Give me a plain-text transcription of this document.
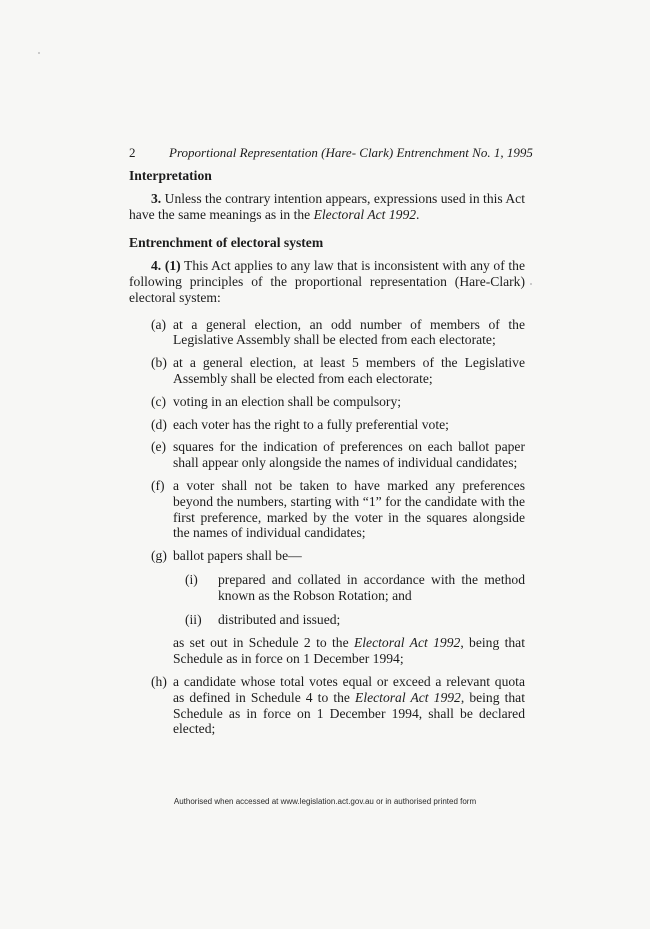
2	Proportional Representation (Hare- Clark) Entrenchment No. 1, 1995
Interpretation

3. Unless the contrary intention appears, expressions used in this Act have the same meanings as in the Electoral Act 1992.

Entrenchment of electoral system

4. (1) This Act applies to any law that is inconsistent with any of the following principles of the proportional representation (Hare-Clark) electoral system:

(a) at a general election, an odd number of members of the Legislative Assembly shall be elected from each electorate;
(b) at a general election, at least 5 members of the Legislative Assembly shall be elected from each electorate;
(c) voting in an election shall be compulsory;
(d) each voter has the right to a fully preferential vote;
(e) squares for the indication of preferences on each ballot paper shall appear only alongside the names of individual candidates;
(f) a voter shall not be taken to have marked any preferences beyond the numbers, starting with “1” for the candidate with the first preference, marked by the voter in the squares alongside the names of individual candidates;
(g) ballot papers shall be—
(i)	prepared and collated in accordance with the method known as the Robson Rotation; and
(ii)	distributed and issued;

as set out in Schedule 2 to the Electoral Act 1992, being that Schedule as in force on 1 December 1994;

(h) a candidate whose total votes equal or exceed a relevant quota as defined in Schedule 4 to the Electoral Act 1992, being that Schedule as in force on 1 December 1994, shall be declared elected;
Authorised when accessed at www.legislation.act.gov.au or in authorised printed form
